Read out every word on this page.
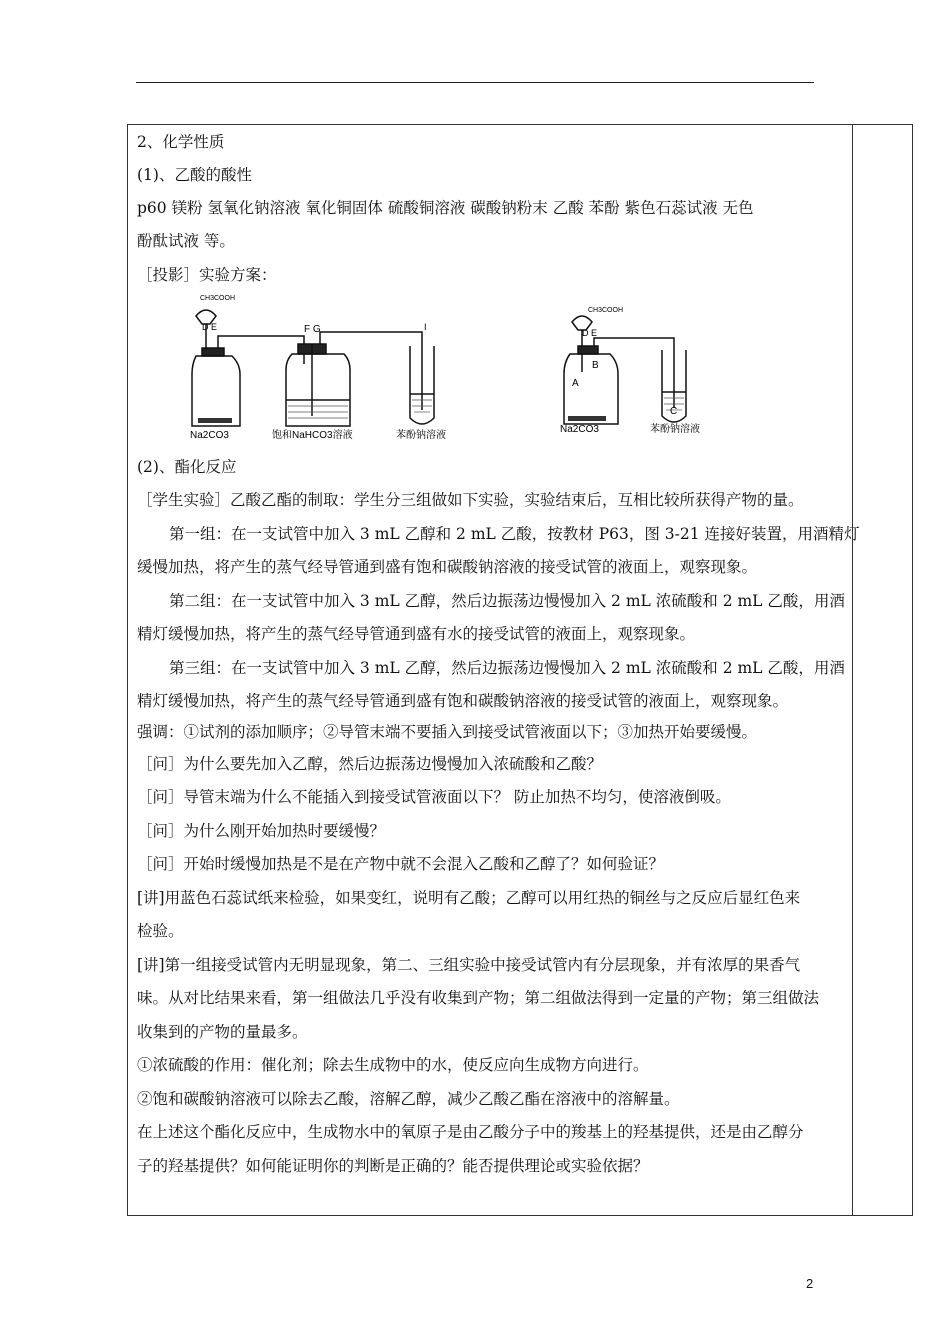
2、化学性质
(1)、乙酸的酸性
p60 镁粉 氢氧化钠溶液 氧化铜固体 硫酸铜溶液 碳酸钠粉末 乙酸 苯酚 紫色石蕊试液 无色
酚酞试液 等。
［投影］实验方案：
(2)、酯化反应
［学生实验］乙酸乙酯的制取：学生分三组做如下实验，实验结束后，互相比较所获得产物的量。
第一组：在一支试管中加入 3 mL 乙醇和 2 mL 乙酸，按教材 P63，图 3-21 连接好装置，用酒精灯
缓慢加热，将产生的蒸气经导管通到盛有饱和碳酸钠溶液的接受试管的液面上，观察现象。
第二组：在一支试管中加入 3 mL 乙醇，然后边振荡边慢慢加入 2 mL 浓硫酸和 2 mL 乙酸，用酒
精灯缓慢加热，将产生的蒸气经导管通到盛有水的接受试管的液面上，观察现象。
第三组：在一支试管中加入 3 mL 乙醇，然后边振荡边慢慢加入 2 mL 浓硫酸和 2 mL 乙酸，用酒
精灯缓慢加热，将产生的蒸气经导管通到盛有饱和碳酸钠溶液的接受试管的液面上，观察现象。
强调：①试剂的添加顺序；②导管末端不要插入到接受试管液面以下；③加热开始要缓慢。
［问］为什么要先加入乙醇，然后边振荡边慢慢加入浓硫酸和乙酸？
［问］导管末端为什么不能插入到接受试管液面以下？ 防止加热不均匀，使溶液倒吸。
［问］为什么刚开始加热时要缓慢？
［问］开始时缓慢加热是不是在产物中就不会混入乙酸和乙醇了？如何验证？
[讲]用蓝色石蕊试纸来检验，如果变红，说明有乙酸；乙醇可以用红热的铜丝与之反应后显红色来
检验。
[讲]第一组接受试管内无明显现象，第二、三组实验中接受试管内有分层现象，并有浓厚的果香气
味。从对比结果来看，第一组做法几乎没有收集到产物；第二组做法得到一定量的产物；第三组做法
收集到的产物的量最多。
①浓硫酸的作用：催化剂；除去生成物中的水，使反应向生成物方向进行。
②饱和碳酸钠溶液可以除去乙酸，溶解乙醇，减少乙酸乙酯在溶液中的溶解量。
在上述这个酯化反应中，生成物水中的氧原子是由乙酸分子中的羧基上的羟基提供，还是由乙醇分
子的羟基提供？如何能证明你的判断是正确的？能否提供理论或实验依据？
CH3COOH
D E	F G	I
Na2CO3	饱和NaHCO3溶液	苯酚钠溶液
CH3COOH
D E
A
B
C
Na2CO3	苯酚钠溶液
2
